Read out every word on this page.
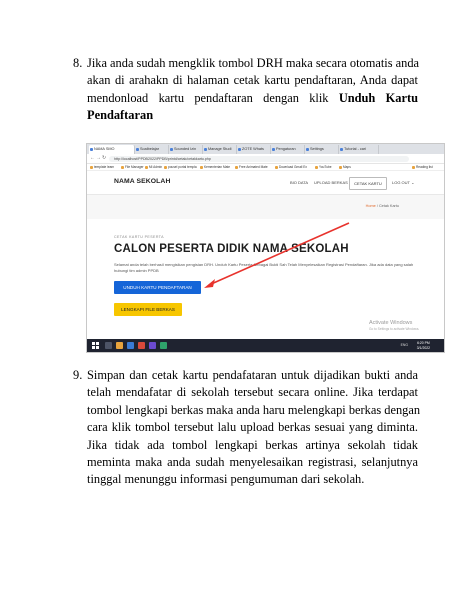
8. Jika anda sudah mengklik tombol DRH maka secara otomatis anda
akan di arahakn di halaman cetak kartu pendaftaran, Anda dapat
mendonload kartu pendaftaran dengan klik Unduh Kartu
Pendaftaran
NAMA SMO	Soalbelajar	Sounded Izin	Manage Studi	ZOTE Whats	Pengaturan	Settings	Tutorial - cari
← → ↻	http://localhost/PPDB2022/PPDB/printd/cetak/cetakkartu.php
template learn	File Manager	Mi Admin	pousel portal templa	Kementerian Mate	Free Animated Mate	Download Gmail Ex	YouTube	Maps	Reading list
NAMA SEKOLAH	BIO DATA UPLOAD BERKAS	CETAK KARTU	LOG OUT ⌄
Home / Cetak Kartu
CETAK KARTU PESERTA
CALON PESERTA DIDIK NAMA SEKOLAH
Selamat anda telah berhasil mengisikan pengisian DRH. Unduh Kartu Peserta Sebagai Bukti Sah Telah Menyelesaikan Registrasi Pendaftaran. Jika ada data yang salah hubungi tim admin PPDB
UNDUH KARTU PENDAFTARAN
LENGKAPI FILE BERKAS
Activate Windows
Go to Settings to activate Windows.
ENG	6:20 PM
3/1/2022
9. Simpan dan cetak kartu pendafataran untuk dijadikan bukti anda
telah mendafatar di sekolah tersebut secara online. Jika terdapat
tombol lengkapi berkas maka anda haru melengkapi berkas dengan
cara klik tombol tersebut lalu upload berkas sesuai yang diminta.
Jika tidak ada tombol lengkapi berkas artinya sekolah tidak
meminta maka anda sudah menyelesaikan registrasi, selanjutnya
tinggal menunggu informasi pengumuman dari sekolah.
